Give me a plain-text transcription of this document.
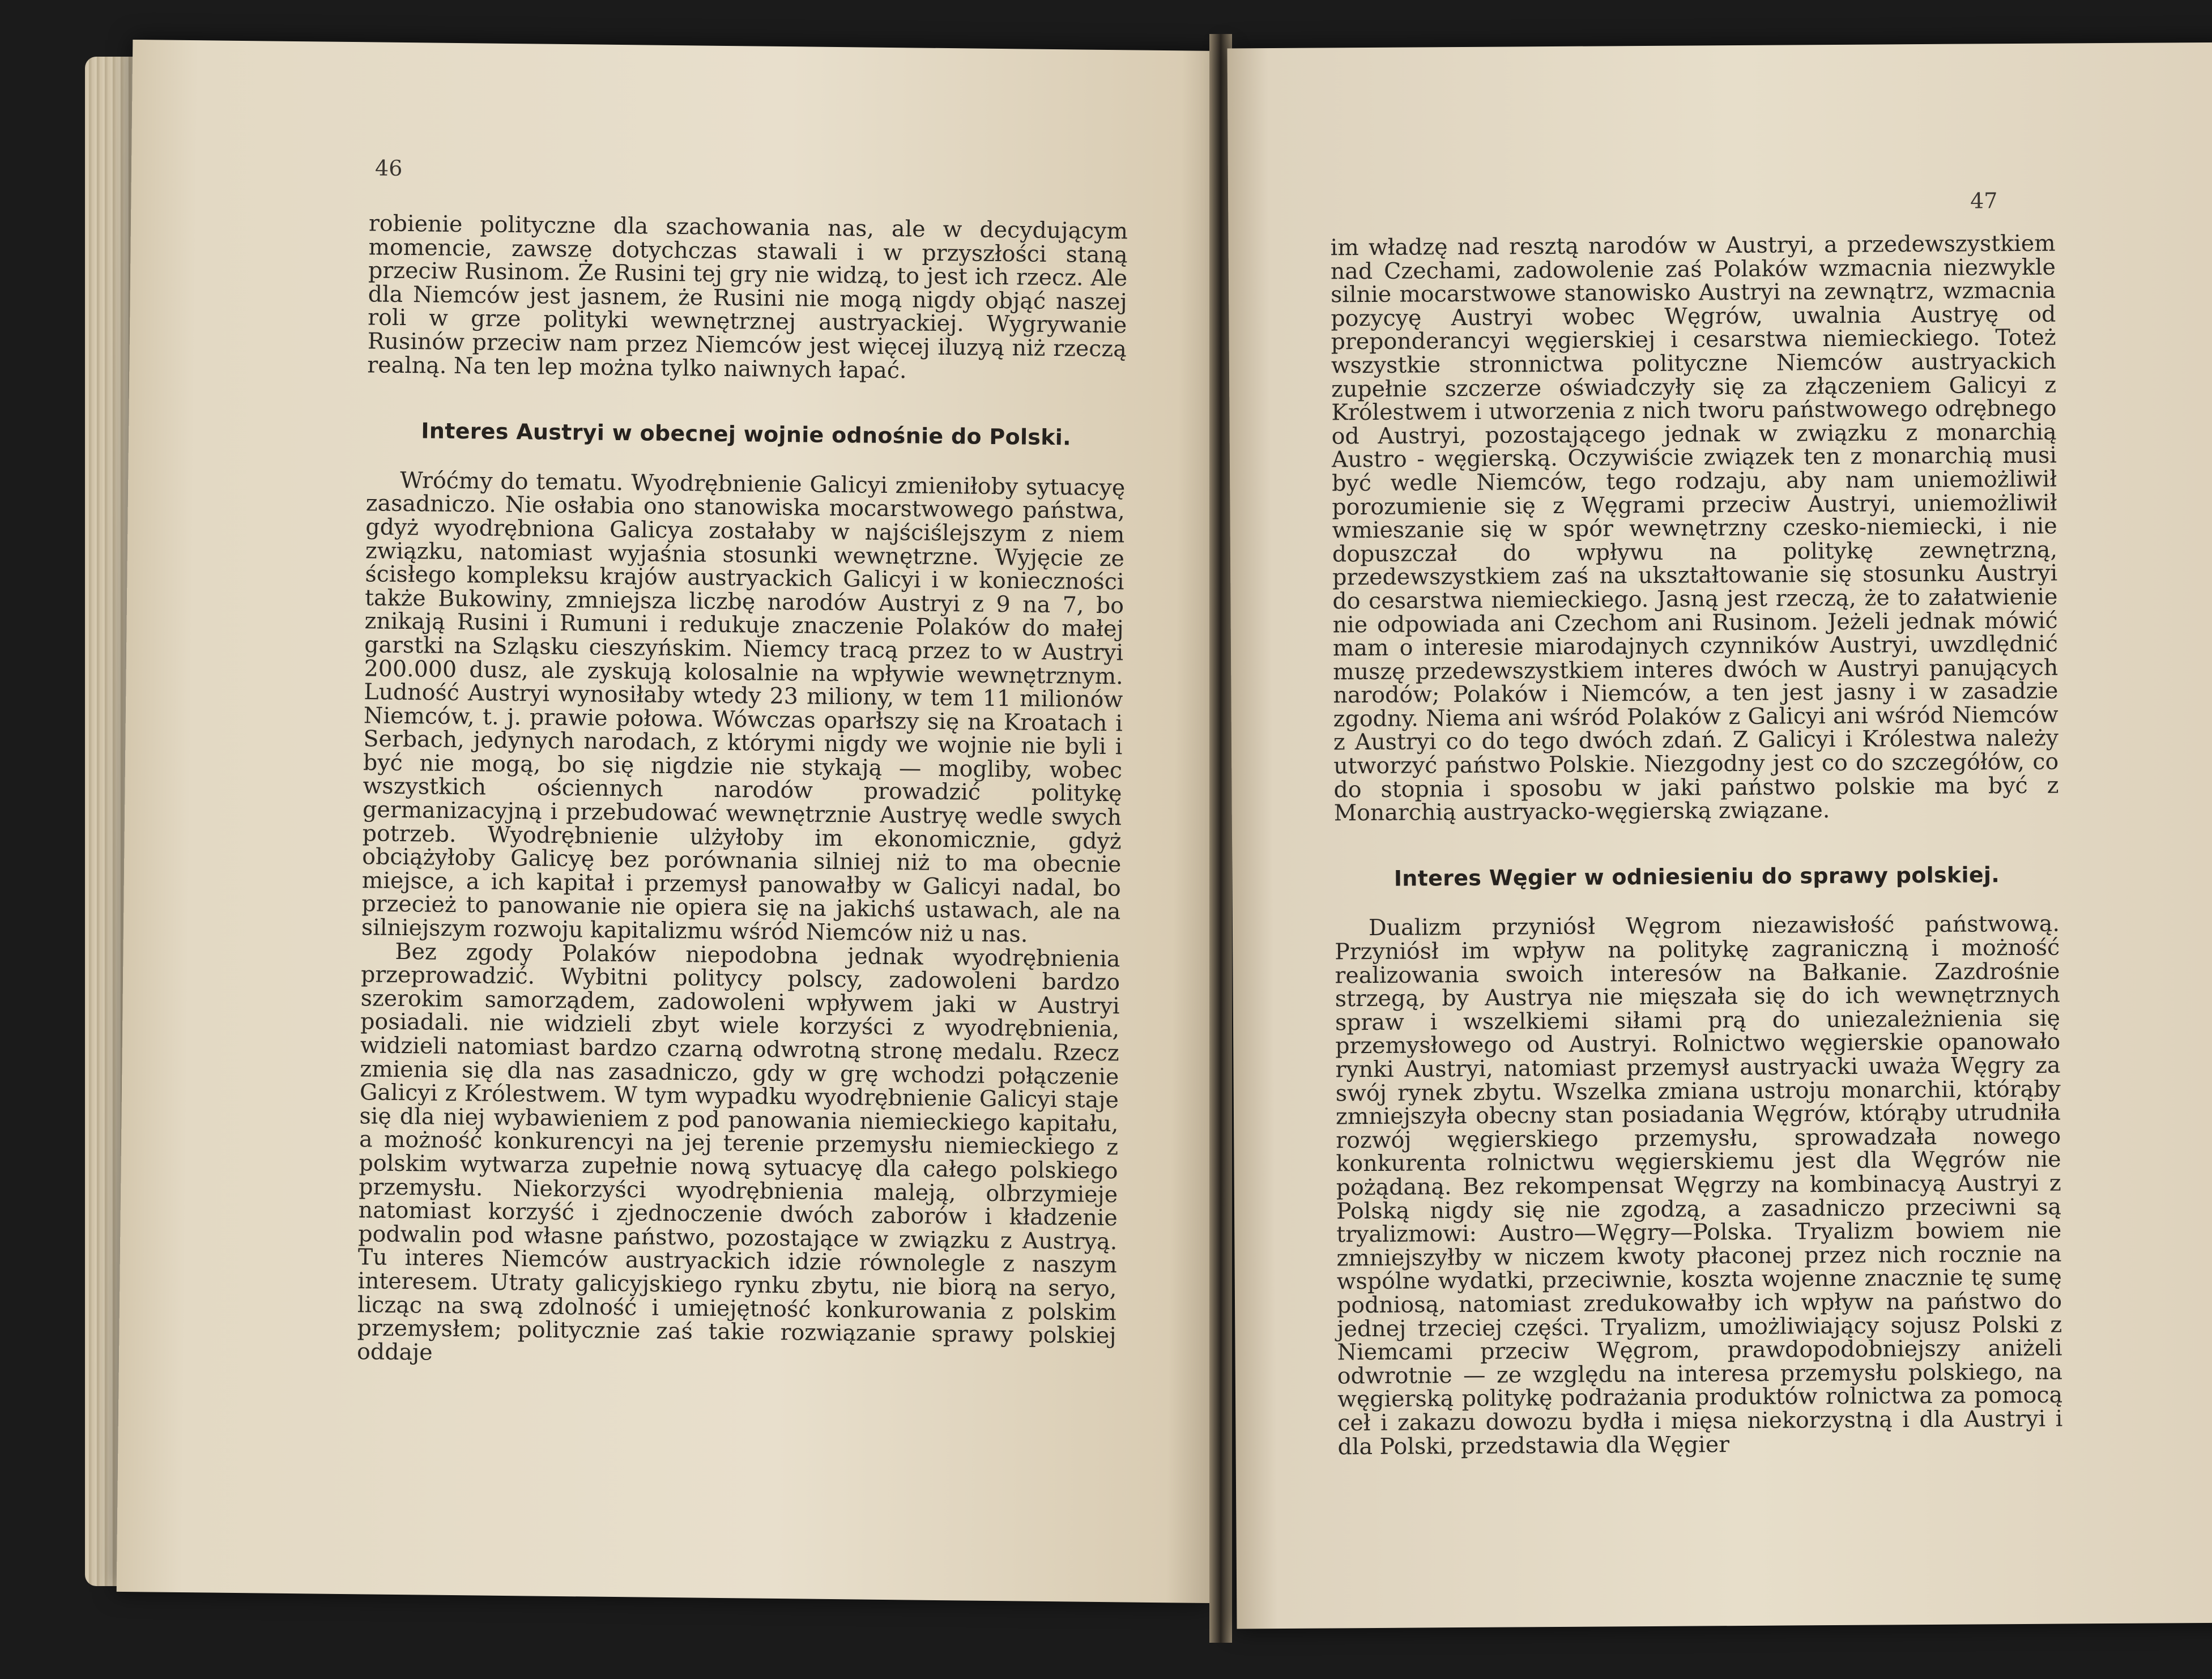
46

robienie polityczne dla szachowania nas, ale w decydującym momencie, zawsze dotychczas stawali i w przyszłości staną przeciw Rusinom. Że Rusini tej gry nie widzą, to jest ich rzecz. Ale dla Niemców jest jasnem, że Rusini nie mogą nigdy objąć naszej roli w grze polityki wewnętrznej austryackiej. Wygrywanie Rusinów przeciw nam przez Niemców jest więcej iluzyą niż rzeczą realną. Na ten lep można tylko naiwnych łapać.

Interes Austryi w obecnej wojnie odnośnie do Polski.

Wróćmy do tematu. Wyodrębnienie Galicyi zmieniłoby sytuacyę zasadniczo. Nie osłabia ono stanowiska mocarstwowego państwa, gdyż wyodrębniona Galicya zostałaby w najściślejszym z niem związku, natomiast wyjaśnia stosunki wewnętrzne. Wyjęcie ze ścisłego kompleksu krajów austryackich Galicyi i w konieczności także Bukowiny, zmniejsza liczbę narodów Austryi z 9 na 7, bo znikają Rusini i Rumuni i redukuje znaczenie Polaków do małej garstki na Szląsku cieszyńskim. Niemcy tracą przez to w Austryi 200.000 dusz, ale zyskują kolosalnie na wpływie wewnętrznym. Ludność Austryi wynosiłaby wtedy 23 miliony, w tem 11 milionów Niemców, t. j. prawie połowa. Wówczas oparłszy się na Kroatach i Serbach, jedynych narodach, z którymi nigdy we wojnie nie byli i być nie mogą, bo się nigdzie nie stykają — mogliby, wobec wszystkich ościennych narodów prowadzić politykę germanizacyjną i przebudować wewnętrznie Austryę wedle swych potrzeb. Wyodrębnienie ulżyłoby im ekonomicznie, gdyż obciążyłoby Galicyę bez porównania silniej niż to ma obecnie miejsce, a ich kapitał i przemysł panowałby w Galicyi nadal, bo przecież to panowanie nie opiera się na jakichś ustawach, ale na silniejszym rozwoju kapitalizmu wśród Niemców niż u nas.

Bez zgody Polaków niepodobna jednak wyodrębnienia przeprowadzić. Wybitni politycy polscy, zadowoleni bardzo szerokim samorządem, zadowoleni wpływem jaki w Austryi posiadali. nie widzieli zbyt wiele korzyści z wyodrębnienia, widzieli natomiast bardzo czarną odwrotną stronę medalu. Rzecz zmienia się dla nas zasadniczo, gdy w grę wchodzi połączenie Galicyi z Królestwem. W tym wypadku wyodrębnienie Galicyi staje się dla niej wybawieniem z pod panowania niemieckiego kapitału, a możność konkurencyi na jej terenie przemysłu niemieckiego z polskim wytwarza zupełnie nową sytuacyę dla całego polskiego przemysłu. Niekorzyści wyodrębnienia maleją, olbrzymieje natomiast korzyść i zjednoczenie dwóch zaborów i kładzenie podwalin pod własne państwo, pozostające w związku z Austryą. Tu interes Niemców austryackich idzie równolegle z naszym interesem. Utraty galicyjskiego rynku zbytu, nie biorą na seryo, licząc na swą zdolność i umiejętność konkurowania z polskim przemysłem; politycznie zaś takie rozwiązanie sprawy polskiej oddaje

47

im władzę nad resztą narodów w Austryi, a przedewszystkiem nad Czechami, zadowolenie zaś Polaków wzmacnia niezwykle silnie mocarstwowe stanowisko Austryi na zewnątrz, wzmacnia pozycyę Austryi wobec Węgrów, uwalnia Austryę od preponderancyi węgierskiej i cesarstwa niemieckiego. Toteż wszystkie stronnictwa polityczne Niemców austryackich zupełnie szczerze oświadczyły się za złączeniem Galicyi z Królestwem i utworzenia z nich tworu państwowego odrębnego od Austryi, pozostającego jednak w związku z monarchią Austro - węgierską. Oczywiście związek ten z monarchią musi być wedle Niemców, tego rodzaju, aby nam uniemożliwił porozumienie się z Węgrami przeciw Austryi, uniemożliwił wmieszanie się w spór wewnętrzny czesko-niemiecki, i nie dopuszczał do wpływu na politykę zewnętrzną, przedewszystkiem zaś na ukształtowanie się stosunku Austryi do cesarstwa niemieckiego. Jasną jest rzeczą, że to załatwienie nie odpowiada ani Czechom ani Rusinom. Jeżeli jednak mówić mam o interesie miarodajnych czynników Austryi, uwzdlędnić muszę przedewszystkiem interes dwóch w Austryi panujących narodów; Polaków i Niemców, a ten jest jasny i w zasadzie zgodny. Niema ani wśród Polaków z Galicyi ani wśród Niemców z Austryi co do tego dwóch zdań. Z Galicyi i Królestwa należy utworzyć państwo Polskie. Niezgodny jest co do szczegółów, co do stopnia i sposobu w jaki państwo polskie ma być z Monarchią austryacko-węgierską związane.

Interes Węgier w odniesieniu do sprawy polskiej.

Dualizm przyniósł Węgrom niezawisłość państwową. Przyniósł im wpływ na politykę zagraniczną i możność realizowania swoich interesów na Bałkanie. Zazdrośnie strzegą, by Austrya nie mięszała się do ich wewnętrznych spraw i wszelkiemi siłami prą do uniezależnienia się przemysłowego od Austryi. Rolnictwo węgierskie opanowało rynki Austryi, natomiast przemysł austryacki uważa Węgry za swój rynek zbytu. Wszelka zmiana ustroju monarchii, którąby zmniejszyła obecny stan posiadania Węgrów, którąby utrudniła rozwój węgierskiego przemysłu, sprowadzała nowego konkurenta rolnictwu węgierskiemu jest dla Węgrów nie pożądaną. Bez rekompensat Węgrzy na kombinacyą Austryi z Polską nigdy się nie zgodzą, a zasadniczo przeciwni są tryalizmowi: Austro—Węgry—Polska. Tryalizm bowiem nie zmniejszyłby w niczem kwoty płaconej przez nich rocznie na wspólne wydatki, przeciwnie, koszta wojenne znacznie tę sumę podniosą, natomiast zredukowałby ich wpływ na państwo do jednej trzeciej części. Tryalizm, umożliwiający sojusz Polski z Niemcami przeciw Węgrom, prawdopodobniejszy aniżeli odwrotnie — ze względu na interesa przemysłu polskiego, na węgierską politykę podrażania produktów rolnictwa za pomocą ceł i zakazu dowozu bydła i mięsa niekorzystną i dla Austryi i dla Polski, przedstawia dla Węgier
